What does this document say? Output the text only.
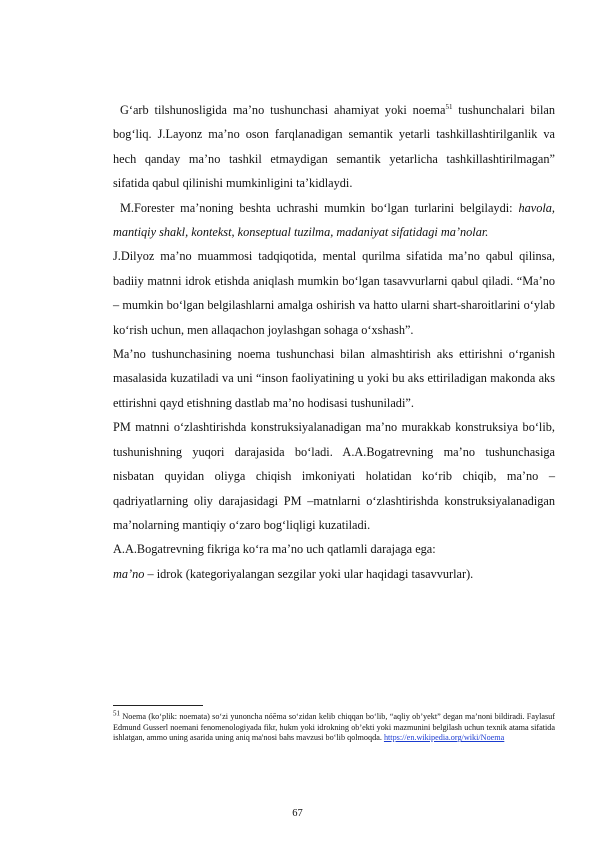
G‘arb tilshunosligida ma’no tushunchasi ahamiyat yoki noema$^{51}$ tushunchalari bilan bog‘liq. J.Layonz ma’no oson farqlanadigan semantik yetarli tashkillashtirilganlik va hech qanday ma’no tashkil etmaydigan semantik yetarlicha tashkillashtirilmagan” sifatida qabul qilinishi mumkinligini ta’kidlaydi.

M.Forester ma’noning beshta uchrashi mumkin bo‘lgan turlarini belgilaydi: havola, mantiqiy shakl, kontekst, konseptual tuzilma, madaniyat sifatidagi ma’nolar.

J.Dilyoz ma’no muammosi tadqiqotida, mental qurilma sifatida ma’no qabul qilinsa, badiiy matnni idrok etishda aniqlash mumkin bo‘lgan tasavvurlarni qabul qiladi. “Ma’no – mumkin bo‘lgan belgilashlarni amalga oshirish va hatto ularni shart-sharoitlarini o‘ylab ko‘rish uchun, men allaqachon joylashgan sohaga o‘xshash”.

Ma’no tushunchasining noema tushunchasi bilan almashtirish aks ettirishni o‘rganish masalasida kuzatiladi va uni “inson faoliyatining u yoki bu aks ettiriladigan makonda aks ettirishni qayd etishning dastlab ma’no hodisasi tushuniladi”.

PM matnni o‘zlashtirishda konstruksiyalanadigan ma’no murakkab konstruksiya bo‘lib, tushunishning yuqori darajasida bo‘ladi. A.A.Bogatrevning ma’no tushunchasiga nisbatan quyidan oliyga chiqish imkoniyati holatidan ko‘rib chiqib, ma’no – qadriyatlarning oliy darajasidagi PM –matnlarni o‘zlashtirishda konstruksiyalanadigan ma’nolarning mantiqiy o‘zaro bog‘liqligi kuzatiladi.

A.A.Bogatrevning fikriga ko‘ra ma’no uch qatlamli darajaga ega:

ma’no – idrok (kategoriyalangan sezgilar yoki ular haqidagi tasavvurlar).

$^{51}$ Noema (ko‘plik: noemata) so‘zi yunoncha nóēma so‘zidan kelib chiqqan bo‘lib, “aqliy ob’yekt” degan ma’noni bildiradi. Faylasuf Edmund Gusserl noemani fenomenologiyada fikr, hukm yoki idrokning ob’ekti yoki mazmunini belgilash uchun texnik atama sifatida ishlatgan, ammo uning asarida uning aniq ma'nosi bahs mavzusi bo‘lib qolmoqda. https://en.wikipedia.org/wiki/Noema

67
